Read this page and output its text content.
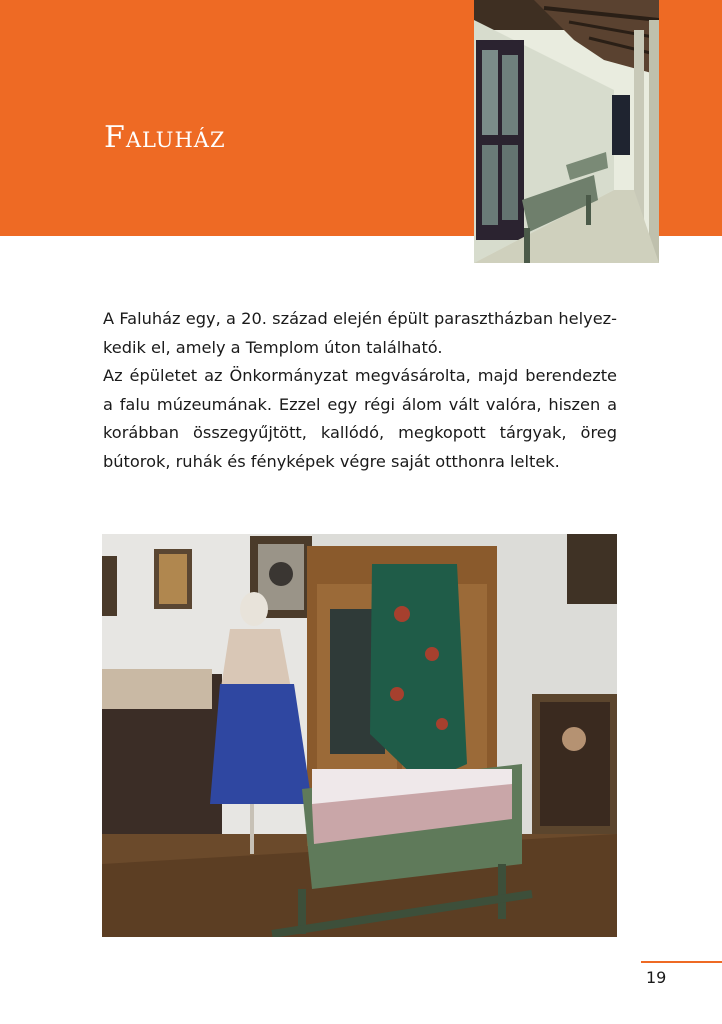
Faluház

A Faluház egy, a 20. század elején épült parasztházban helyezkedik el, amely a Templom úton található.

Az épületet az Önkormányzat megvásárolta, majd berendezte a falu múzeumának. Ezzel egy régi álom vált valóra, hiszen a korábban összegyűjtött, kallódó, megkopott tárgyak, öreg bútorok, ruhák és fényképek végre saját otthonra leltek.

19
